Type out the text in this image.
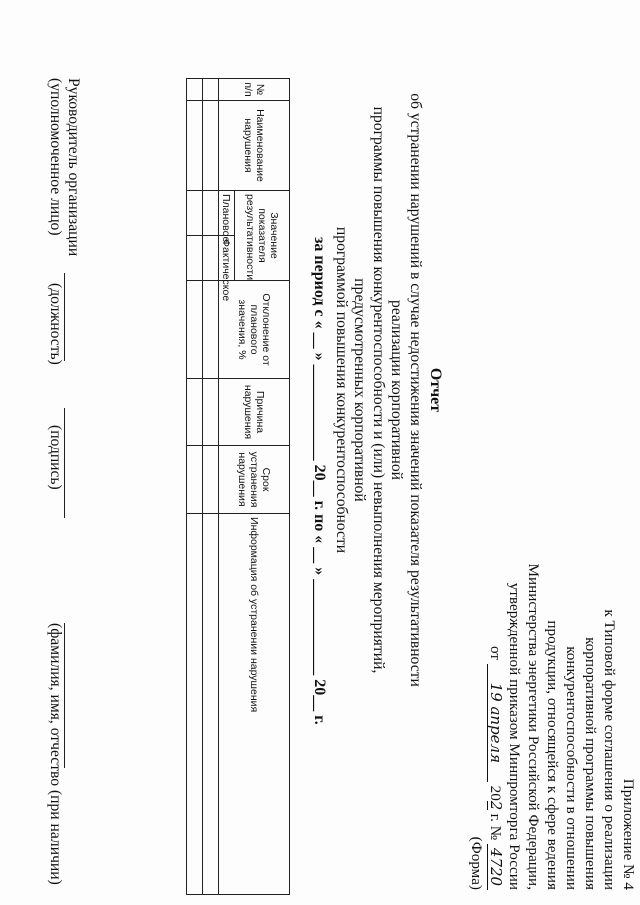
Приложение № 4
к Типовой форме соглашения о реализации
корпоративной программы повышения
конкурентоспособности в отношении
продукции, относящейся к сфере ведения
Министерства энергетики Российской Федерации,
утвержденной приказом Минпромторга России
от 19 апреля 202 г. № 4720
(Форма)
Отчет
об устранении нарушений в случае недостижения значений показателя результативности реализации корпоративной
программы повышения конкурентоспособности и (или) невыполнения мероприятий, предусмотренных корпоративной
программой повышения конкурентоспособности
за период с « __ » ____________ 20__ г. по « __ » ____________ 20__ г.
№ п/п	Наименование нарушения	Значение показателя результативности		Отклонение от планового значения, %	Причина нарушения	Срок устранения нарушения	Информация об устранении нарушения
		Плановое	Фактическое				

Руководитель организации
(уполномоченное лицо)
(должность)
(подпись)
(фамилия, имя, отчество (при наличии)
